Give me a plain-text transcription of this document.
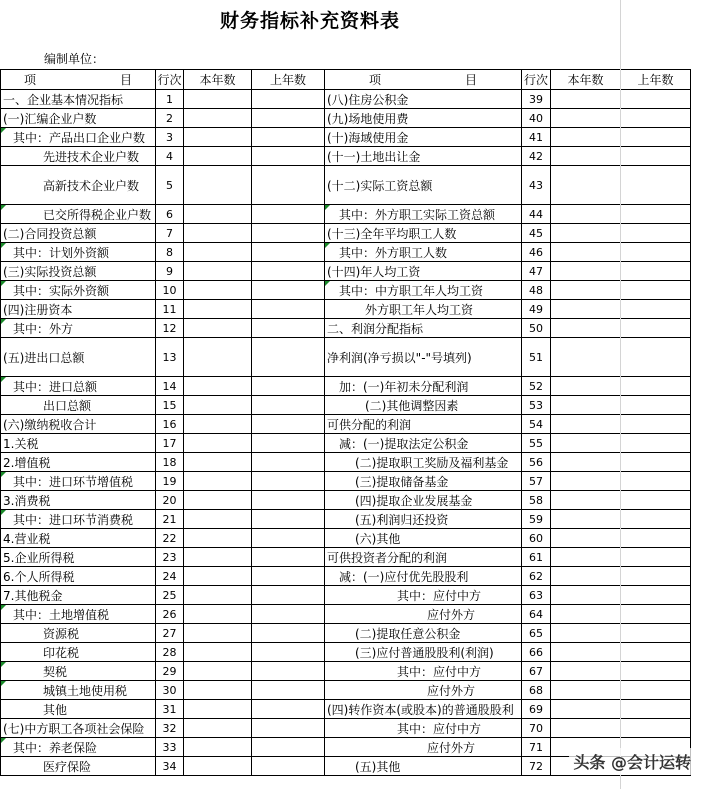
财务指标补充资料表
编制单位：
项                      目	行次	本年数	上年数	项                      目	行次	本年数	上年数
一、企业基本情况指标	1			(八)住房公积金	39		
(一)汇编企业户数	2			(九)场地使用费	40		

其中：产品出口企业户数	3			(十)海域使用金	41		
先进技术企业户数	4			(十一)土地出让金	42		
高新技术企业户数	5			(十二)实际工资总额	43		

已交所得税企业户数	6			其中：外方职工实际工资总额	44		
(二)合同投资总额	7			(十三)全年平均职工人数	45		

其中：计划外资额	8			其中：外方职工人数	46		
(三)实际投资总额	9			(十四)年人均工资	47		

其中：实际外资额	10			其中：中方职工年人均工资	48		
(四)注册资本	11			外方职工年人均工资	49		

其中：外方	12			二、利润分配指标	50		
(五)进出口总额	13			净利润(净亏损以"-"号填列)	51		

其中：进口总额	14			加：(一)年初未分配利润	52		
出口总额	15			(二)其他调整因素	53		
(六)缴纳税收合计	16			可供分配的利润	54		
1.关税	17			减：(一)提取法定公积金	55		
2.增值税	18			(二)提取职工奖励及福利基金	56		

其中：进口环节增值税	19			(三)提取储备基金	57		
3.消费税	20			(四)提取企业发展基金	58		

其中：进口环节消费税	21			(五)利润归还投资	59		
4.营业税	22			(六)其他	60		
5.企业所得税	23			可供投资者分配的利润	61		
6.个人所得税	24			减：(一)应付优先股股利	62		
7.其他税金	25			其中：应付中方	63		

其中：土地增值税	26			应付外方	64		
资源税	27			(二)提取任意公积金	65		
印花税	28			(三)应付普通股股利(利润)	66		

契税	29			其中：应付中方	67		

城镇土地使用税	30			应付外方	68		
其他	31			(四)转作资本(或股本)的普通股股利	69		
(七)中方职工各项社会保险	32			其中：应付中方	70		

其中：养老保险	33			应付外方	71		
医疗保险	34			(五)其他	72		头条 @会计运转
